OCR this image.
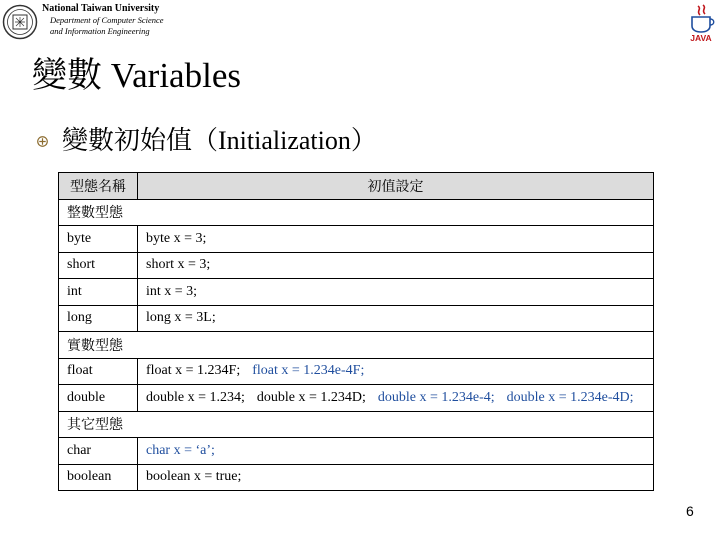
National Taiwan University
Department of Computer Science
and Information Engineering
JAVA
變數 Variables
變數初始值（Initialization）
型態名稱	初值設定
整數型態	
byte	byte x = 3;
short	short x = 3;
int	int x = 3;
long	long x = 3L;
實數型態	
float	float x = 1.234F; float x = 1.234e-4F;
double	double x = 1.234; double x = 1.234D; double x = 1.234e-4; double x = 1.234e-4D;
其它型態	
char	char x = ‘a’;
boolean	boolean x = true;
6
